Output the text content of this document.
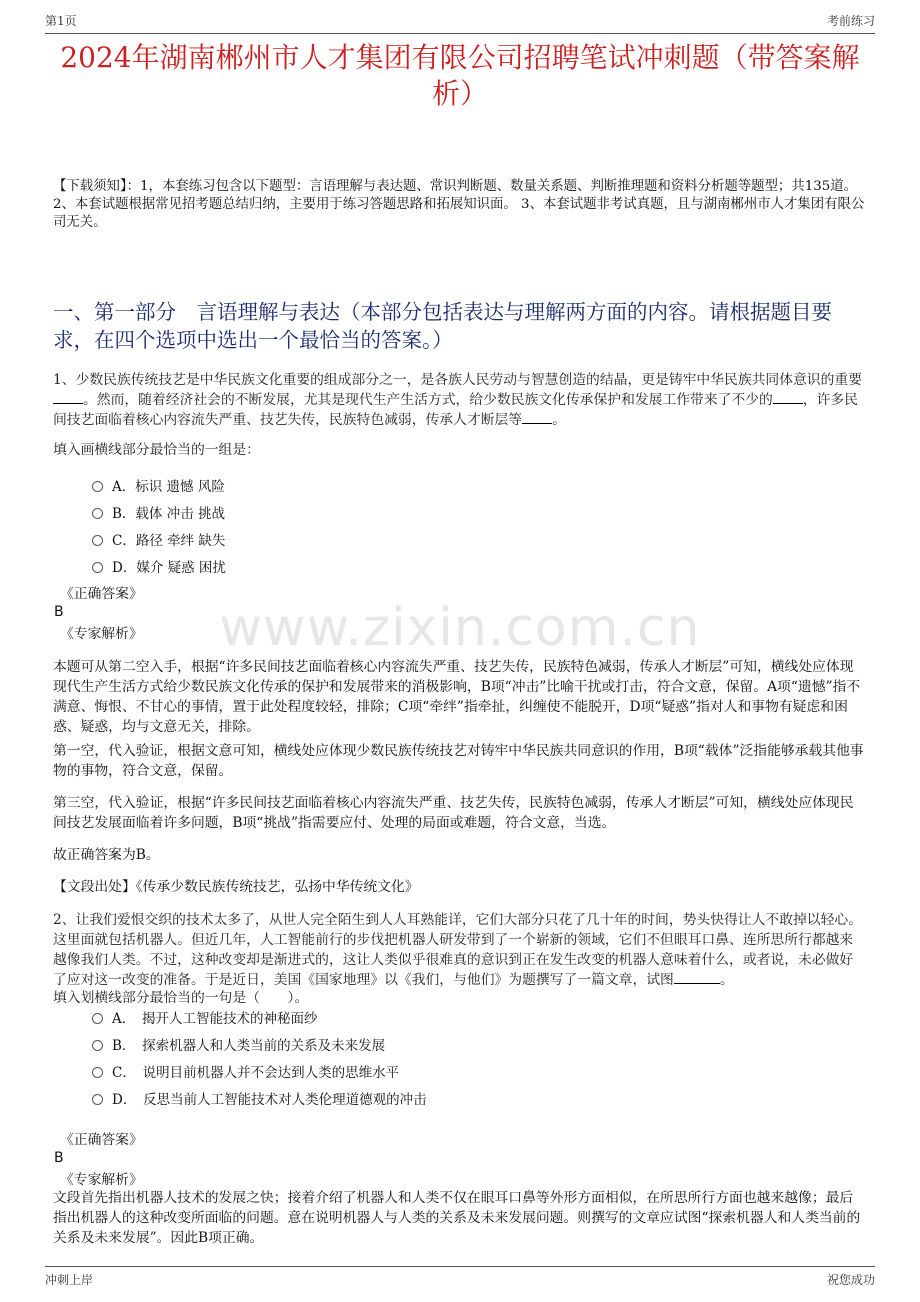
第1页	考前练习
2024年湖南郴州市人才集团有限公司招聘笔试冲刺题（带答案解析）
【下载须知】：1，本套练习包含以下题型：言语理解与表达题、常识判断题、数量关系题、判断推理题和资料分析题等题型；共135道。 2、本套试题根据常见招考题总结归纳，主要用于练习答题思路和拓展知识面。 3、本套试题非考试真题，且与湖南郴州市人才集团有限公司无关。
一、第一部分　言语理解与表达（本部分包括表达与理解两方面的内容。请根据题目要求，在四个选项中选出一个最恰当的答案。）
www.zixin.com.cn
1、少数民族传统技艺是中华民族文化重要的组成部分之一，是各族人民劳动与智慧创造的结晶，更是铸牢中华民族共同体意识的重要。然而，随着经济社会的不断发展，尤其是现代生产生活方式，给少数民族文化传承保护和发展工作带来了不少的 ，许多民间技艺面临着核心内容流失严重、技艺失传，民族特色减弱，传承人才断层等 。
填入画横线部分最恰当的一组是：
A．标识 遗憾 风险
B．载体 冲击 挑战
C．路径 牵绊 缺失
D．媒介 疑惑 困扰
《正确答案》
B
《专家解析》
本题可从第二空入手，根据“许多民间技艺面临着核心内容流失严重、技艺失传，民族特色减弱，传承人才断层”可知，横线处应体现现代生产生活方式给少数民族文化传承的保护和发展带来的消极影响，B项“冲击”比喻干扰或打击，符合文意，保留。A项“遗憾”指不满意、悔恨、不甘心的事情，置于此处程度较轻，排除；C项“牵绊”指牵扯，纠缠使不能脱开，D项“疑惑”指对人和事物有疑虑和困惑、疑惑，均与文意无关，排除。
第一空，代入验证，根据文意可知，横线处应体现少数民族传统技艺对铸牢中华民族共同意识的作用，B项“载体”泛指能够承载其他事物的事物，符合文意，保留。
第三空，代入验证，根据“许多民间技艺面临着核心内容流失严重、技艺失传，民族特色减弱，传承人才断层”可知，横线处应体现民间技艺发展面临着许多问题，B项“挑战”指需要应付、处理的局面或难题，符合文意，当选。
故正确答案为B。
【文段出处】《传承少数民族传统技艺，弘扬中华传统文化》
2、让我们爱恨交织的技术太多了，从世人完全陌生到人人耳熟能详，它们大部分只花了几十年的时间，势头快得让人不敢掉以轻心。这里面就包括机器人。但近几年，人工智能前行的步伐把机器人研发带到了一个崭新的领域，它们不但眼耳口鼻、连所思所行都越来越像我们人类。不过，这种改变却是渐进式的，这让人类似乎很难真的意识到正在发生改变的机器人意味着什么，或者说，未必做好了应对这一改变的准备。于是近日，美国《国家地理》以《我们，与他们》为题撰写了一篇文章，试图	。
填入划横线部分最恰当的一句是（　　）。
A．　揭开人工智能技术的神秘面纱
B．　探索机器人和人类当前的关系及未来发展
C．　说明目前机器人并不会达到人类的思维水平
D．　反思当前人工智能技术对人类伦理道德观的冲击
《正确答案》
B
《专家解析》
文段首先指出机器人技术的发展之快；接着介绍了机器人和人类不仅在眼耳口鼻等外形方面相似，在所思所行方面也越来越像；最后指出机器人的这种改变所面临的问题。意在说明机器人与人类的关系及未来发展问题。则撰写的文章应试图“探索机器人和人类当前的关系及未来发展”。因此B项正确。
冲刺上岸	祝您成功
